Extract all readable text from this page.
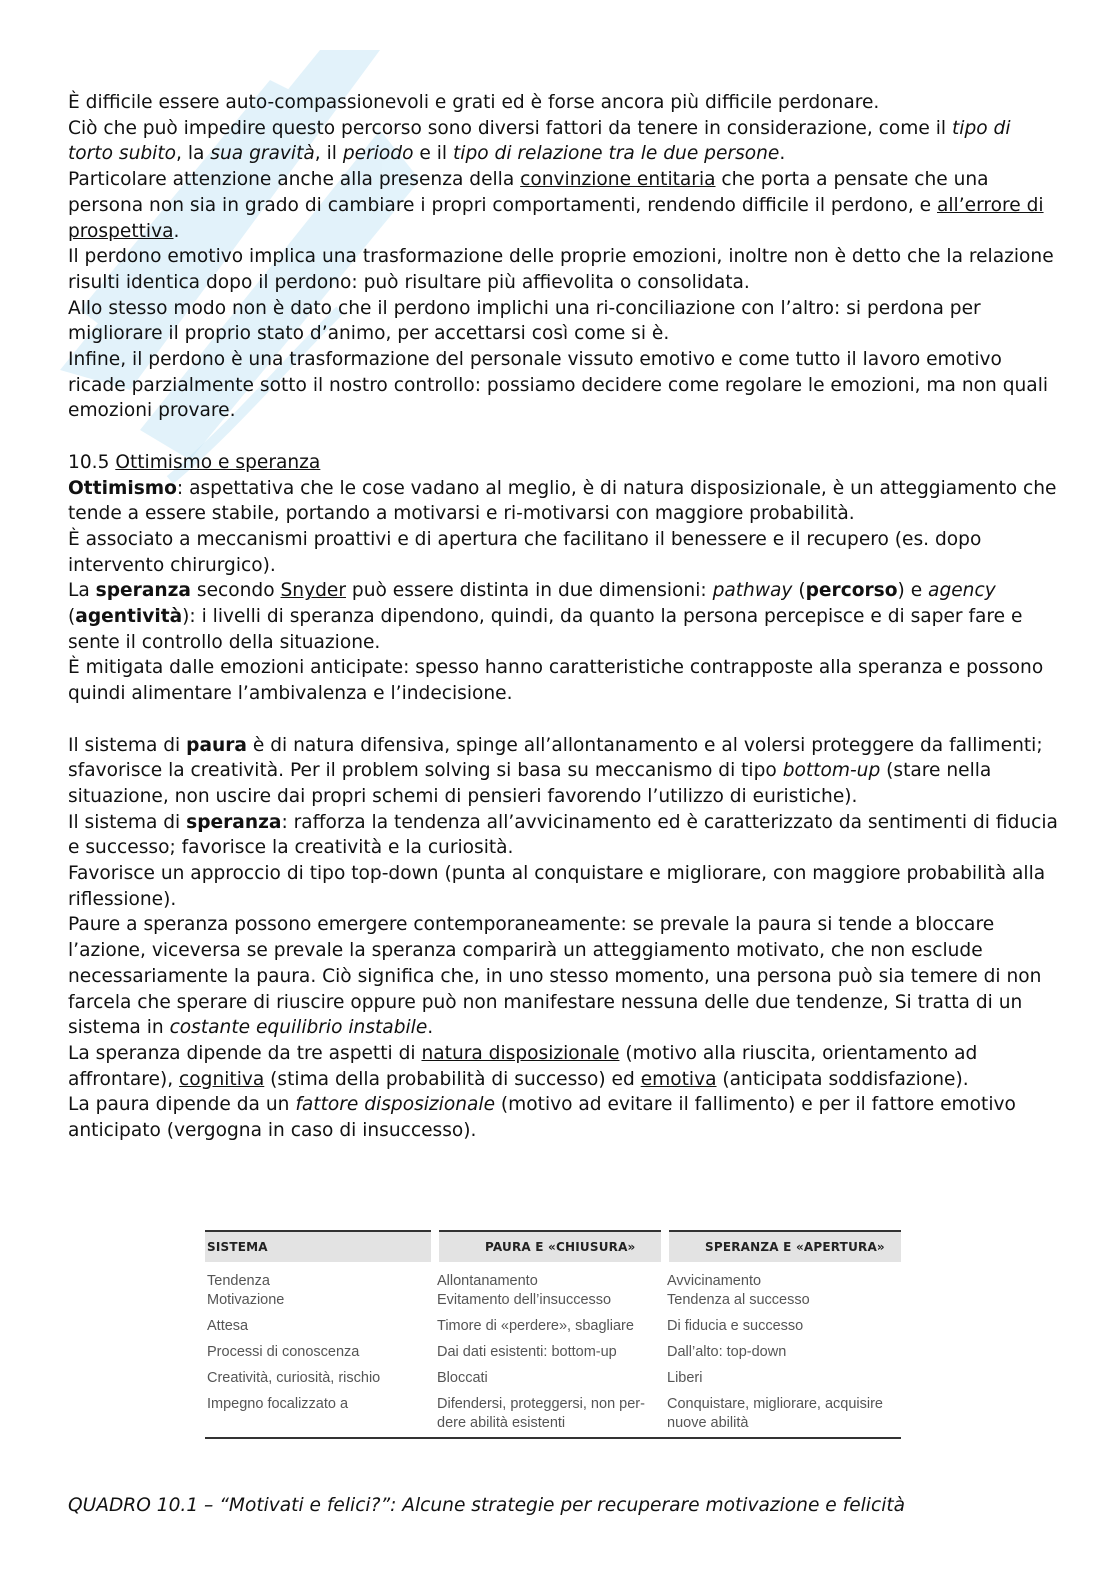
È difficile essere auto-compassionevoli e grati ed è forse ancora più difficile perdonare.

Ciò che può impedire questo percorso sono diversi fattori da tenere in considerazione, come il tipo di torto subito, la sua gravità, il periodo e il tipo di relazione tra le due persone.

Particolare attenzione anche alla presenza della convinzione entitaria che porta a pensate che una persona non sia in grado di cambiare i propri comportamenti, rendendo difficile il perdono, e all’errore di prospettiva.

Il perdono emotivo implica una trasformazione delle proprie emozioni, inoltre non è detto che la relazione risulti identica dopo il perdono: può risultare più affievolita o consolidata.

Allo stesso modo non è dato che il perdono implichi una ri-conciliazione con l’altro: si perdona per migliorare il proprio stato d’animo, per accettarsi così come si è.

Infine, il perdono è una trasformazione del personale vissuto emotivo e come tutto il lavoro emotivo ricade parzialmente sotto il nostro controllo: possiamo decidere come regolare le emozioni, ma non quali emozioni provare.

10.5 Ottimismo e speranza

Ottimismo: aspettativa che le cose vadano al meglio, è di natura disposizionale, è un atteggiamento che tende a essere stabile, portando a motivarsi e ri-motivarsi con maggiore probabilità.

È associato a meccanismi proattivi e di apertura che facilitano il benessere e il recupero (es. dopo intervento chirurgico).

La speranza secondo Snyder può essere distinta in due dimensioni: pathway (percorso) e agency (agentività): i livelli di speranza dipendono, quindi, da quanto la persona percepisce e di saper fare e sente il controllo della situazione.

È mitigata dalle emozioni anticipate: spesso hanno caratteristiche contrapposte alla speranza e possono quindi alimentare l’ambivalenza e l’indecisione.

Il sistema di paura è di natura difensiva, spinge all’allontanamento e al volersi proteggere da fallimenti; sfavorisce la creatività. Per il problem solving si basa su meccanismo di tipo bottom-up (stare nella situazione, non uscire dai propri schemi di pensieri favorendo l’utilizzo di euristiche).

Il sistema di speranza: rafforza la tendenza all’avvicinamento ed è caratterizzato da sentimenti di fiducia e successo; favorisce la creatività e la curiosità.

Favorisce un approccio di tipo top-down (punta al conquistare e migliorare, con maggiore probabilità alla riflessione).

Paure a speranza possono emergere contemporaneamente: se prevale la paura si tende a bloccare l’azione, viceversa se prevale la speranza comparirà un atteggiamento motivato, che non esclude necessariamente la paura. Ciò significa che, in uno stesso momento, una persona può sia temere di non farcela che sperare di riuscire oppure può non manifestare nessuna delle due tendenze, Si tratta di un sistema in costante equilibrio instabile.

La speranza dipende da tre aspetti di natura disposizionale (motivo alla riuscita, orientamento ad affrontare), cognitiva (stima della probabilità di successo) ed emotiva (anticipata soddisfazione).

La paura dipende da un fattore disposizionale (motivo ad evitare il fallimento) e per il fattore emotivo anticipato (vergogna in caso di insuccesso).

SISTEMA	PAURA E «CHIUSURA»	SPERANZA E «APERTURA»
Tendenza	Allontanamento	Avvicinamento
Motivazione	Evitamento dell’insuccesso	Tendenza al successo
Attesa	Timore di «perdere», sbagliare	Di fiducia e successo
Processi di conoscenza	Dai dati esistenti: bottom-up	Dall’alto: top-down
Creatività, curiosità, rischio	Bloccati	Liberi
Impegno focalizzato a	Difendersi, proteggersi, non per-dere abilità esistenti	Conquistare, migliorare, acquisire nuove abilità

QUADRO 10.1 – “Motivati e felici?”: Alcune strategie per recuperare motivazione e felicità
